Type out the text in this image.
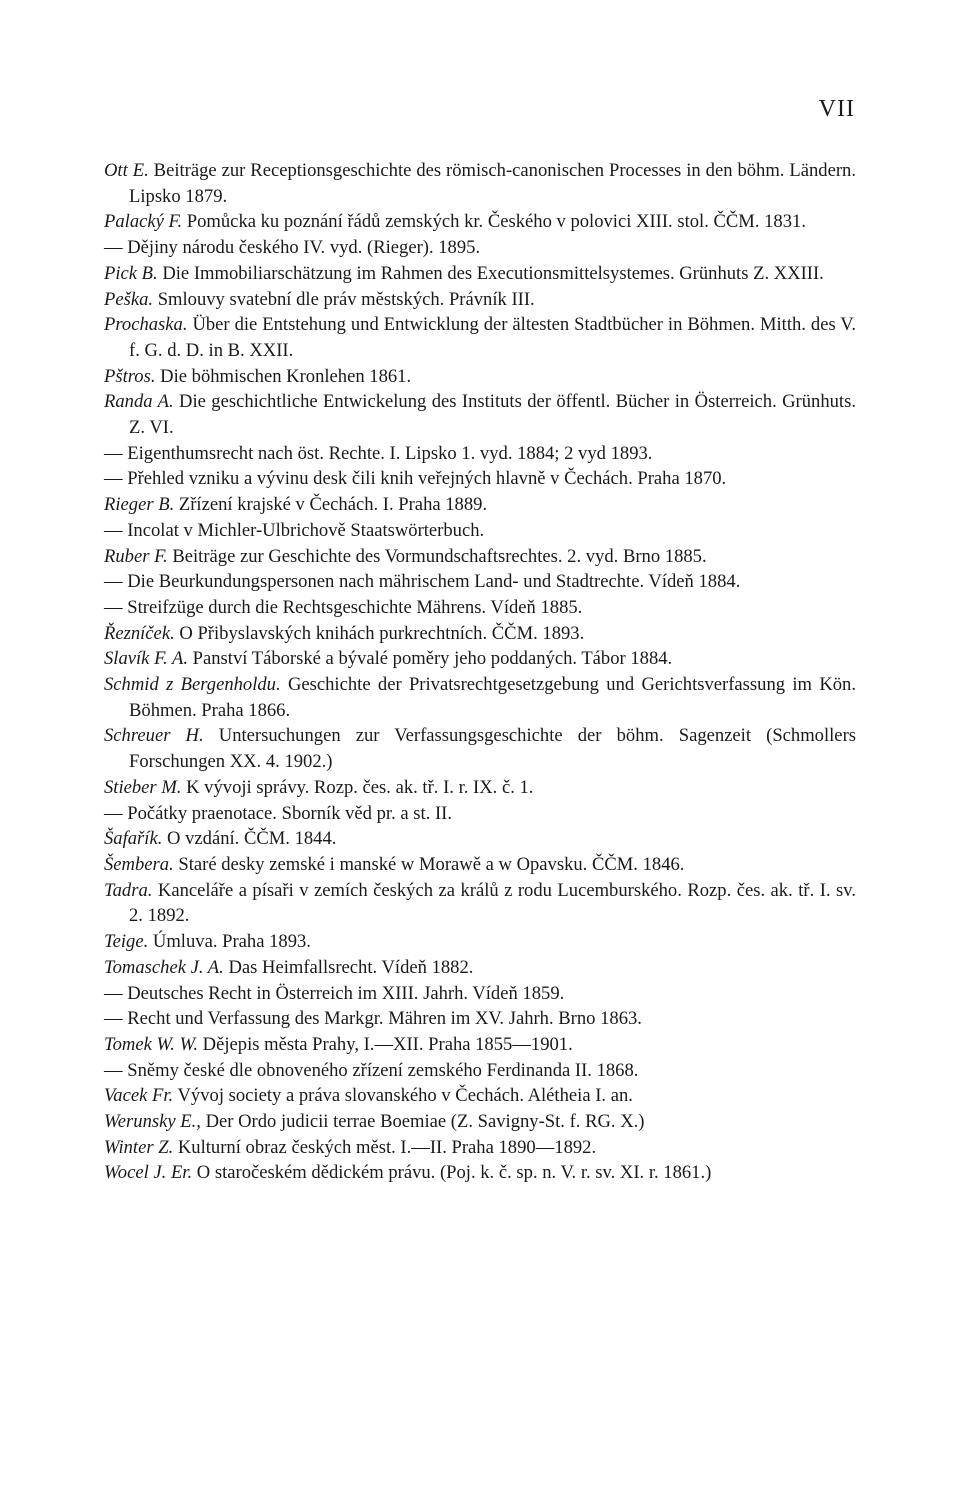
VII
Ott E. Beiträge zur Receptionsgeschichte des römisch-canonischen Processes in den böhm. Ländern. Lipsko 1879.
Palacký F. Pomůcka ku poznání řádů zemských kr. Českého v polovici XIII. stol. ČČM. 1831.
— Dějiny národu českého IV. vyd. (Rieger). 1895.
Pick B. Die Immobiliarschätzung im Rahmen des Executionsmittelsystemes. Grünhuts Z. XXIII.
Peška. Smlouvy svatební dle práv městských. Právník III.
Prochaska. Über die Entstehung und Entwicklung der ältesten Stadtbücher in Böhmen. Mitth. des V. f. G. d. D. in B. XXII.
Pštros. Die böhmischen Kronlehen 1861.
Randa A. Die geschichtliche Entwickelung des Instituts der öffentl. Bücher in Österreich. Grünhuts. Z. VI.
— Eigenthumsrecht nach öst. Rechte. I. Lipsko 1. vyd. 1884; 2 vyd 1893.
— Přehled vzniku a vývinu desk čili knih veřejných hlavně v Čechách. Praha 1870.
Rieger B. Zřízení krajské v Čechách. I. Praha 1889.
— Incolat v Michler-Ulbrichově Staatswörterbuch.
Ruber F. Beiträge zur Geschichte des Vormundschaftsrechtes. 2. vyd. Brno 1885.
— Die Beurkundungspersonen nach mährischem Land- und Stadtrechte. Vídeň 1884.
— Streifzüge durch die Rechtsgeschichte Mährens. Vídeň 1885.
Řezníček. O Přibyslavských knihách purkrechtních. ČČM. 1893.
Slavík F. A. Panství Táborské a bývalé poměry jeho poddaných. Tábor 1884.
Schmid z Bergenholdu. Geschichte der Privatsrechtgesetzgebung und Gerichtsverfassung im Kön. Böhmen. Praha 1866.
Schreuer H. Untersuchungen zur Verfassungsgeschichte der böhm. Sagenzeit (Schmollers Forschungen XX. 4. 1902.)
Stieber M. K vývoji správy. Rozp. čes. ak. tř. I. r. IX. č. 1.
— Počátky praenotace. Sborník věd pr. a st. II.
Šafařík. O vzdání. ČČM. 1844.
Šembera. Staré desky zemské i manské w Morawě a w Opavsku. ČČM. 1846.
Tadra. Kanceláře a písaři v zemích českých za králů z rodu Lucemburského. Rozp. čes. ak. tř. I. sv. 2. 1892.
Teige. Úmluva. Praha 1893.
Tomaschek J. A. Das Heimfallsrecht. Vídeň 1882.
— Deutsches Recht in Österreich im XIII. Jahrh. Vídeň 1859.
— Recht und Verfassung des Markgr. Mähren im XV. Jahrh. Brno 1863.
Tomek W. W. Dějepis města Prahy, I.—XII. Praha 1855—1901.
— Sněmy české dle obnoveného zřízení zemského Ferdinanda II. 1868.
Vacek Fr. Vývoj society a práva slovanského v Čechách. Alétheia I. an.
Werunsky E., Der Ordo judicii terrae Boemiae (Z. Savigny-St. f. RG. X.)
Winter Z. Kulturní obraz českých měst. I.—II. Praha 1890—1892.
Wocel J. Er. O staročeském dědickém právu. (Poj. k. č. sp. n. V. r. sv. XI. r. 1861.)
